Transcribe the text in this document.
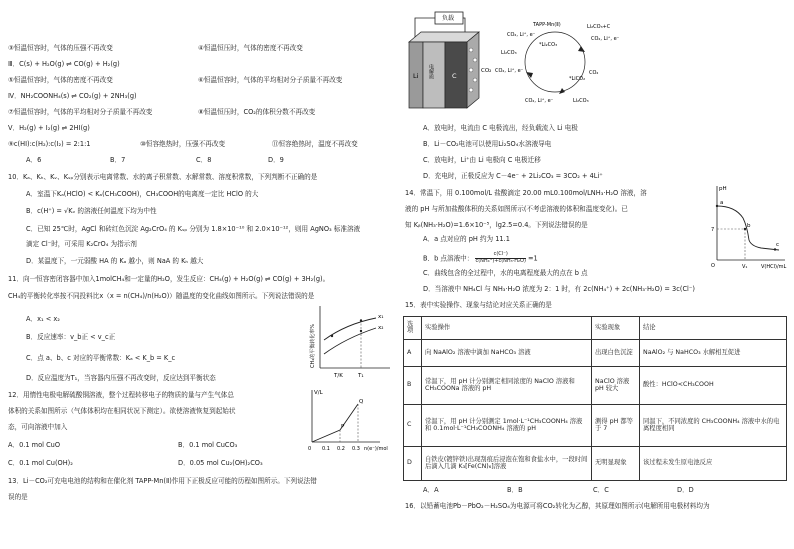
③恒温恒容时，气体的压强不再改变	④恒温恒压时，气体的密度不再改变
Ⅲ．C(s) + H₂O(g) ⇌ CO(g) + H₂(g)
⑤恒温恒容时，气体的密度不再改变	⑥恒温恒容时，气体的平均相对分子质量不再改变
Ⅳ．NH₂COONH₄(s) ⇌ CO₂(g) + 2NH₃(g)
⑦恒温恒容时，气体的平均相对分子质量不再改变	⑧恒温恒压时，CO₂的体积分数不再改变
Ⅴ．H₂(g) + I₂(g) ⇌ 2HI(g)
⑨c(HI):c(H₂):c(I₂) = 2:1:1	⑩恒容绝热时，压强不再改变	⑪恒容绝热时，温度不再改变
A．6	B．7	C．8	D．9
10．Kₐ、Kₕ、Kᵥ、Kₛₚ分别表示电离常数、水的离子积常数、水解常数、溶度积常数，下列判断不正确的是
A．室温下Kₐ(HClO) < Kₐ(CH₃COOH)，CH₃COOH的电离度一定比 HClO 的大
B．c(H⁺) = √Kᵥ 的溶液任何温度下均为中性
C．已知 25℃时，AgCl 和砖红色沉淀 Ag₂CrO₄ 的 Kₛₚ 分别为 1.8×10⁻¹⁰ 和 2.0×10⁻¹²，则用 AgNO₃ 标准溶液
滴定 Cl⁻时，可采用 K₂CrO₄ 为指示剂
D．某温度下，一元弱酸 HA 的 Kₐ 越小，则 NaA 的 Kₕ 越大
11．向一恒容密闭容器中加入1molCH₄和一定量的H₂O，发生反应：CH₄(g) + H₂O(g) ⇌ CO(g) + 3H₂(g)。
CH₄的平衡转化率按不同投料比x（x = n(CH₄)/n(H₂O)）随温度的变化曲线如图所示。下列说法错误的是
A．x₁ < x₂
B．反应速率：v_b正 < v_c正
C．点 a、b、c 对应的平衡常数：Kₐ < K_b = K_c
D．反应温度为T₁，当容器内压强不再改变时，反应达到平衡状态
x₁
x₂
T₁
T/K
CH₄的平衡转化率%
12．用惰性电极电解硫酸铜溶液，整个过程转移电子的物质的量与产生气体总
体积的关系如图所示（气体体积均在相同状况下测定）。欲使溶液恢复到起始状
态，可向溶液中加入
A．0.1 mol CuO	B．0.1 mol CuCO₃
C．0.1 mol Cu(OH)₂	D．0.05 mol Cu₂(OH)₂CO₃
P
Q
V/L
0 0.1 0.2 0.3 n(e⁻)/mol
13．Li－CO₂可充电电池的结构和在催化剂 TAPP-Mn(Ⅱ)作用下正极反应可能的历程如图所示。下列说法错
误的是
负载
Li 电解质	C
CO₂
TAPP-Mn(Ⅱ)	Li₂CO₃+C
CO₂, Li⁺, e⁻
CO₂, Li⁺, e⁻
Li₂CO₃
CO₂, Li⁺, e⁻
CO₂, Li⁺, e⁻	Li₂CO₃
CO₂
*LiCO₂
*Li₂CO₃
A．放电时，电流由 C 电极流出，经负载流入 Li 电极
B．Li－CO₂电池可以使用Li₂SO₄水溶液导电
C．放电时，Li⁺由 Li 电极向 C 电极迁移
D．充电时，正极反应为 C－4e⁻ + 2Li₂CO₃ = 3CO₂ + 4Li⁺
14．常温下，用 0.100mol/L 盐酸滴定 20.00 mL0.100mol/LNH₃·H₂O 溶液，溶
液的 pH 与所加盐酸体积的关系如图所示(不考虑溶液的体积和温度变化)。已
知 Kᵦ(NH₃·H₂O)=1.6×10⁻⁵，lg2.5=0.4。下列说法错误的是
A．a 点对应的 pH 约为 11.1
B．b 点溶液中： $\frac{c(Cl^-)}{\text{c(NH₄⁺)+c(NH₃·H₂O)}} =1$
C．曲线包含的全过程中，水的电离程度最大的点在 b 点
D．当溶液中 NH₄Cl 与 NH₃·H₂O 浓度为 2：1 时，有 2c(NH₄⁺) + 2c(NH₃·H₂O) = 3c(Cl⁻)
a
b
c
7
V₁
O	V(HCl)/mL
pH
15．表中实验操作、现象与结论对应关系正确的是
选项	实验操作	实验现象	结论
A	向 NaAlO₂ 溶液中滴加 NaHCO₃ 溶液	出现白色沉淀	NaAlO₂ 与 NaHCO₃ 水解相互促进
B	常温下，用 pH 计分别测定相同浓度的 NaClO 溶液和 CH₃COONa 溶液的 pH	NaClO 溶液 pH 较大	酸性：HClO<CH₃COOH
C	常温下，用 pH 计分别测定 1mol·L⁻¹CH₃COONH₄ 溶液和 0.1mol·L⁻¹CH₃COONH₄ 溶液的 pH	测得 pH 都等于 7	同温下，不同浓度的 CH₃COONH₄ 溶液中水的电离程度相同
D	自铁皮(镀锌铁)出现刮痕后浸泡在饱和食盐水中，一段时间后滴入几滴 K₃[Fe(CN)₆]溶液	无明显现象	该过程未发生原电池反应
A．A	B．B	C．C	D．D
16．以铅蓄电池Pb－PbO₂－H₂SO₄为电源可将CO₂转化为乙醇，其原理如图所示(电解所用电极材料均为
